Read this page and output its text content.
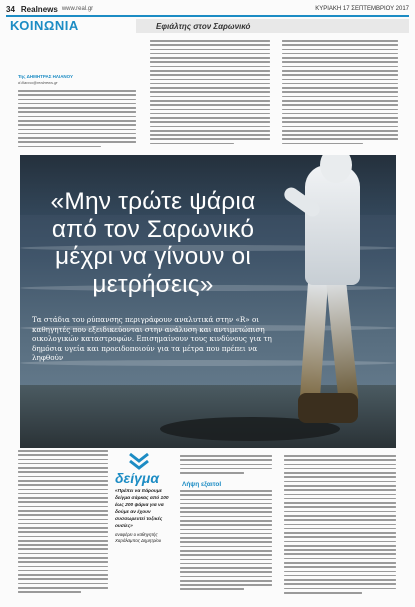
34 Realnews www.real.gr	ΚΥΡΙΑΚΗ 17 ΣΕΠΤΕΜΒΡΙΟΥ 2017
ΚΟΙΝΩΝΙΑ	Εφιάλτης στον Σαρωνικό
Της ΔΗΜΗΤΡΑΣ ΗΛΙΑΝΟΥ
d.ilianou@realnews.gr
«Μην τρώτε ψάρια από τον Σαρωνικό μέχρι να γίνουν οι μετρήσεις»
Τα στάδια του ρύπανσης περιγράφουν αναλυτικά στην «R» οι καθηγητές που εξειδικεύονται στην ανάλυση και αντιμετώπιση οικολογικών καταστροφών. Επισημαίνουν τους κινδύνους για τη δημόσια υγεία και προειδοποιούν για τα μέτρα που πρέπει να ληφθούν
δείγμα
«Πρέπει να πάρουμε δείγμα σάρκας από 100 έως 200 ψάρια για να δούμε αν έχουν συσσωρευτεί τοξικές ουσίες»
αναφέρει ο καθηγητής Χαράλαμπος Δημητρίου
Λήψη εξαιτοΙ
